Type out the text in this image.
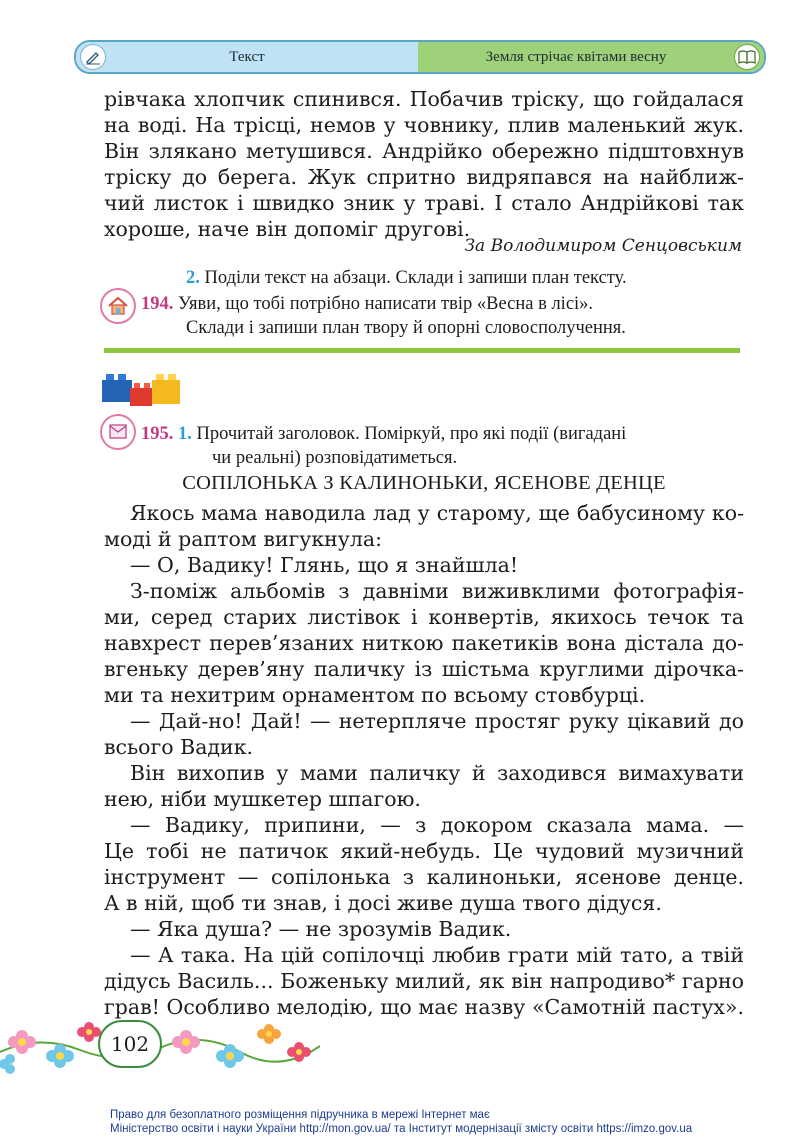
Текст	Земля стрічає квітами весну
рівчака хлопчик спинився. Побачив тріску, що гойдалася
на воді. На трісці, немов у човнику, плив маленький жук.
Він злякано метушився. Андрійко обережно підштовхнув
тріску до берега. Жук спритно видряпався на найближ-
чий листок і швидко зник у траві. І стало Андрійкові так
хороше, наче він допоміг другові.
За Володимиром Сенцовським
2. Поділи текст на абзаци. Склади і запиши план тексту.
194. Уяви, що тобі потрібно написати твір «Весна в лісі».
Склади і запиши план твору й опорні словосполучення.
195. 1. Прочитай заголовок. Поміркуй, про які події (вигадані
чи реальні) розповідатиметься.
СОПІЛОНЬКА З КАЛИНОНЬКИ, ЯСЕНОВЕ ДЕНЦЕ
Якось мама наводила лад у старому, ще бабусиному ко-
моді й раптом вигукнула:
— О, Вадику! Глянь, що я знайшла!
З-поміж альбомів з давніми виживклими фотографія-
ми, серед старих листівок і конвертів, якихось течок та
навхрест перев’язаних ниткою пакетиків вона дістала до-
вгеньку дерев’яну паличку із шістьма круглими дірочка-
ми та нехитрим орнаментом по всьому стовбурці.
— Дай-но! Дай! — нетерпляче простяг руку цікавий до
всього Вадик.
Він вихопив у мами паличку й заходився вимахувати
нею, ніби мушкетер шпагою.
— Вадику, припини, — з докором сказала мама. —
Це тобі не патичок який-небудь. Це чудовий музичний
інструмент — сопілонька з калиноньки, ясенове денце.
А в ній, щоб ти знав, і досі живе душа твого дідуся.
— Яка душа? — не зрозумів Вадик.
— А така. На цій сопілочці любив грати мій тато, а твій
дідусь Василь... Боженьку милий, як він напродиво* гарно
грав! Особливо мелодію, що має назву «Самотній пастух».
102
Право для безоплатного розміщення підручника в мережі Інтернет має
Міністерство освіти і науки України http://mon.gov.ua/ та Інститут модернізації змісту освіти https://imzo.gov.ua
